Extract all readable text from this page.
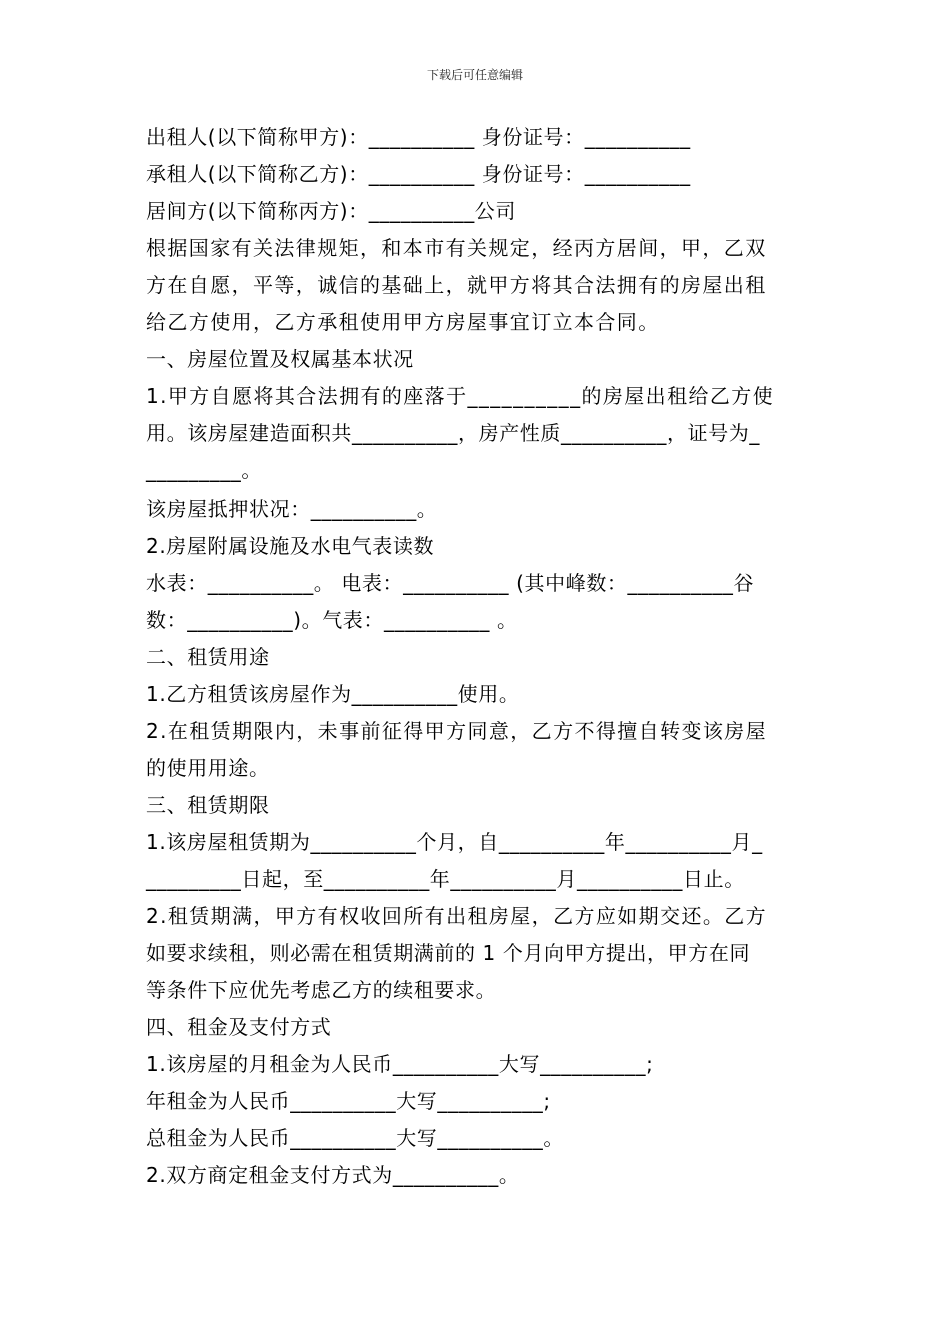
下载后可任意编辑
出租人(以下简称甲方)：__________ 身份证号：__________
承租人(以下简称乙方)：__________ 身份证号：__________
居间方(以下简称丙方)：__________公司
根据国家有关法律规矩，和本市有关规定，经丙方居间，甲，乙双
方在自愿，平等，诚信的基础上，就甲方将其合法拥有的房屋出租
给乙方使用，乙方承租使用甲方房屋事宜订立本合同。
一、房屋位置及权属基本状况
1.甲方自愿将其合法拥有的座落于__________的房屋出租给乙方使
用。该房屋建造面积共__________，房产性质__________，证号为_
_________。
该房屋抵押状况：__________。
2.房屋附属设施及水电气表读数
水表：__________。 电表：__________ (其中峰数：__________谷
数：__________)。气表：__________ 。
二、租赁用途
1.乙方租赁该房屋作为__________使用。
2.在租赁期限内，未事前征得甲方同意，乙方不得擅自转变该房屋
的使用用途。
三、租赁期限
1.该房屋租赁期为__________个月，自__________年__________月_
_________日起，至__________年__________月__________日止。
2.租赁期满，甲方有权收回所有出租房屋，乙方应如期交还。乙方
如要求续租，则必需在租赁期满前的 1 个月向甲方提出，甲方在同
等条件下应优先考虑乙方的续租要求。
四、租金及支付方式
1.该房屋的月租金为人民币__________大写__________;
年租金为人民币__________大写__________;
总租金为人民币__________大写__________。
2.双方商定租金支付方式为__________。
